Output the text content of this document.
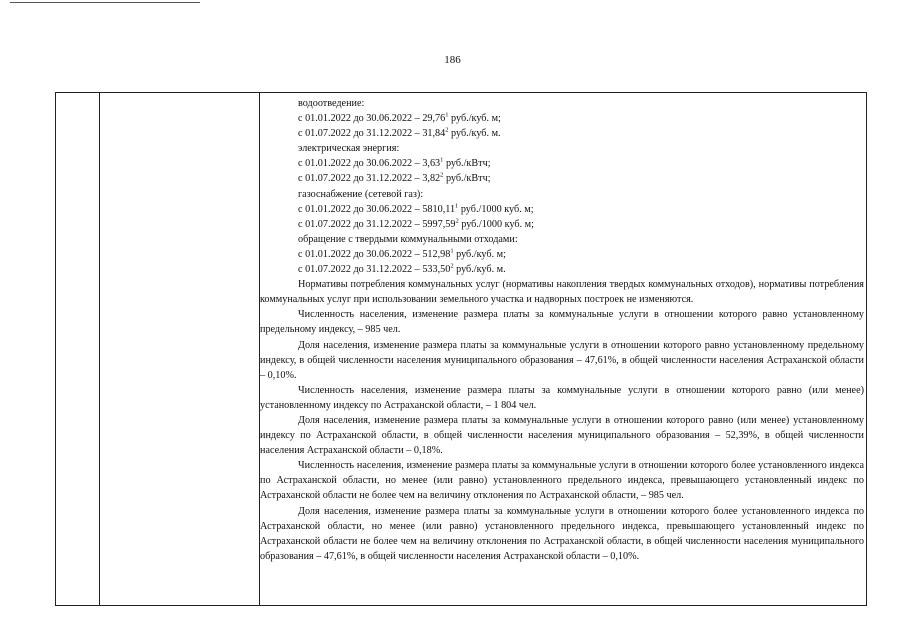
186

водоотведение:

с 01.01.2022 до 30.06.2022 – 29,76$^1$ руб./куб. м;

с 01.07.2022 до 31.12.2022 – 31,84$^2$ руб./куб. м.

электрическая энергия:

с 01.01.2022 до 30.06.2022 – 3,63$^1$ руб./кВтч;

с 01.07.2022 до 31.12.2022 – 3,82$^2$ руб./кВтч;

газоснабжение (сетевой газ):

с 01.01.2022 до 30.06.2022 – 5810,11$^1$ руб./1000 куб. м;

с 01.07.2022 до 31.12.2022 – 5997,59$^2$ руб./1000 куб. м;

обращение с твердыми коммунальными отходами:

с 01.01.2022 до 30.06.2022 – 512,98$^1$ руб./куб. м;

с 01.07.2022 до 31.12.2022 – 533,50$^2$ руб./куб. м.

Нормативы потребления коммунальных услуг (нормативы накопления твердых коммунальных отходов), нормативы потребления коммунальных услуг при использовании земельного участка и надворных построек не изменяются.

Численность населения, изменение размера платы за коммунальные услуги в отношении которого равно установленному предельному индексу, – 985 чел.

Доля населения, изменение размера платы за коммунальные услуги в отношении которого равно установленному предельному индексу, в общей численности населения муниципального образования – 47,61%, в общей численности населения Астраханской области – 0,10%.

Численность населения, изменение размера платы за коммунальные услуги в отношении которого равно (или менее) установленному индексу по Астраханской области, – 1 804 чел.

Доля населения, изменение размера платы за коммунальные услуги в отношении которого равно (или менее) установленному индексу по Астраханской области, в общей численности населения муниципального образования – 52,39%, в общей численности населения Астраханской области – 0,18%.

Численность населения, изменение размера платы за коммунальные услуги в отношении которого более установленного индекса по Астраханской области, но менее (или равно) установленного предельного индекса, превышающего установленный индекс по Астраханской области не более чем на величину отклонения по Астраханской области, – 985 чел.

Доля населения, изменение размера платы за коммунальные услуги в отношении которого более установленного индекса по Астраханской области, но менее (или равно) установленного предельного индекса, превышающего установленный индекс по Астраханской области не более чем на величину отклонения по Астраханской области, в общей численности населения муниципального образования – 47,61%, в общей численности населения Астраханской области – 0,10%.
